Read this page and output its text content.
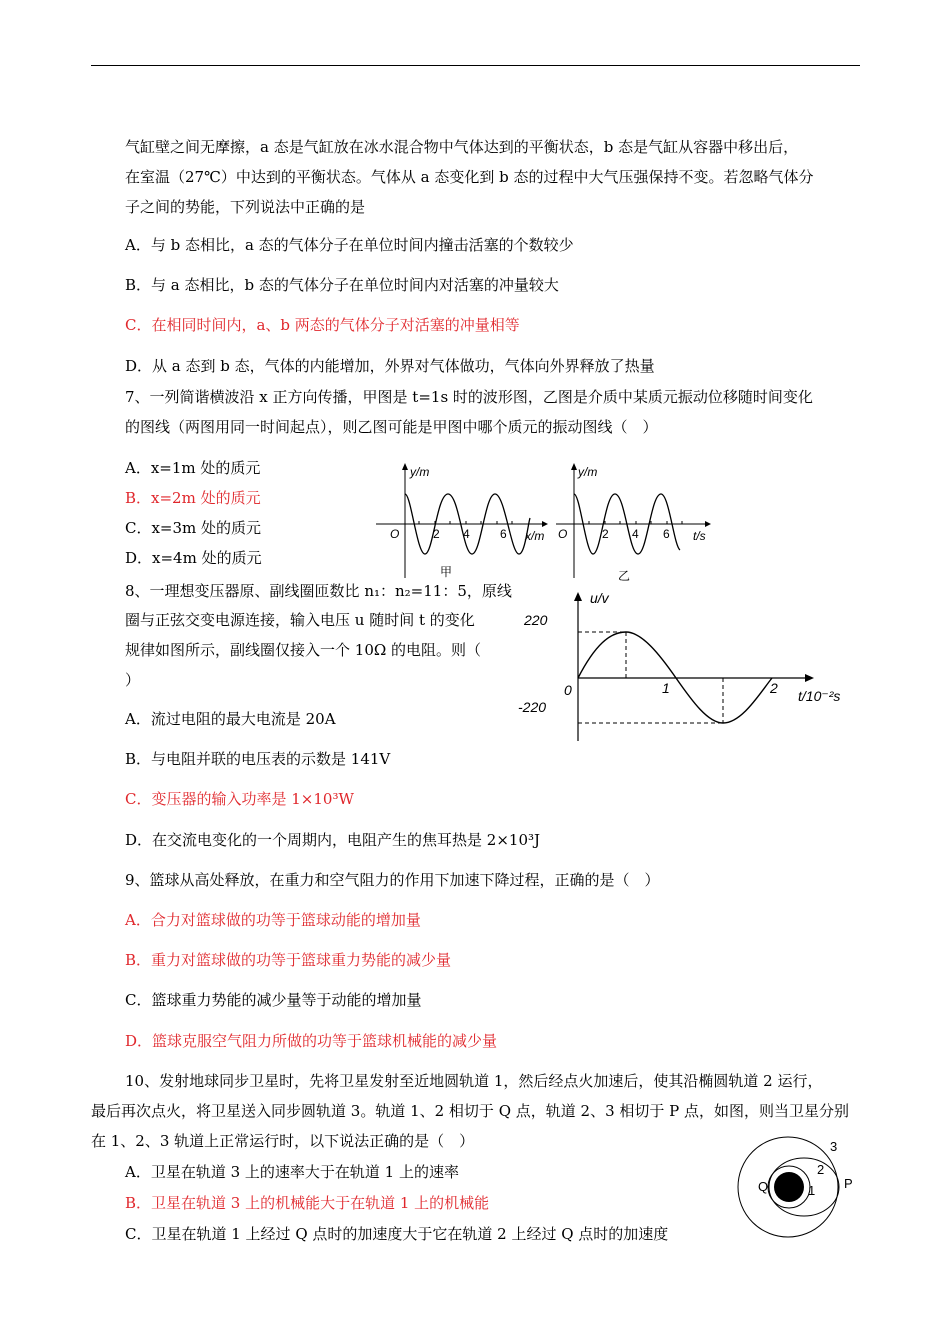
气缸壁之间无摩擦，a 态是气缸放在冰水混合物中气体达到的平衡状态，b 态是气缸从容器中移出后，
在室温（27℃）中达到的平衡状态。气体从 a 态变化到 b 态的过程中大气压强保持不变。若忽略气体分
子之间的势能，下列说法中正确的是
A．与 b 态相比，a 态的气体分子在单位时间内撞击活塞的个数较少
B．与 a 态相比，b 态的气体分子在单位时间内对活塞的冲量较大
C．在相同时间内，a、b 两态的气体分子对活塞的冲量相等
D．从 a 态到 b 态，气体的内能增加，外界对气体做功，气体向外界释放了热量
7、一列简谐横波沿 x 正方向传播，甲图是 t=1s 时的波形图，乙图是介质中某质元振动位移随时间变化
的图线（两图用同一时间起点），则乙图可能是甲图中哪个质元的振动图线（　）
A．x=1m 处的质元
B．x=2m 处的质元
C．x=3m 处的质元
D．x=4m 处的质元
y/m
O	2 4	6 x/m
甲
y/m
O	2 4 6 t/s
乙
8、一理想变压器原、副线圈匝数比 n₁：n₂=11：5，原线
圈与正弦交变电源连接，输入电压 u 随时间 t 的变化
规律如图所示，副线圈仅接入一个 10Ω 的电阻。则（
）
A．流过电阻的最大电流是 20A
B．与电阻并联的电压表的示数是 141V
C．变压器的输入功率是 1×10³W
D．在交流电变化的一个周期内，电阻产生的焦耳热是 2×10³J
u/v
220
-220
0	1	2 t/10⁻²s
9、篮球从高处释放，在重力和空气阻力的作用下加速下降过程，正确的是（　）
A．合力对篮球做的功等于篮球动能的增加量
B．重力对篮球做的功等于篮球重力势能的减少量
C．篮球重力势能的减少量等于动能的增加量
D．篮球克服空气阻力所做的功等于篮球机械能的减少量
10、发射地球同步卫星时，先将卫星发射至近地圆轨道 1，然后经点火加速后，使其沿椭圆轨道 2 运行，
最后再次点火，将卫星送入同步圆轨道 3。轨道 1、2 相切于 Q 点，轨道 2、3 相切于 P 点，如图，则当卫星分别
在 1、2、3 轨道上正常运行时，以下说法正确的是（　）
A．卫星在轨道 3 上的速率大于在轨道 1 上的速率
B．卫星在轨道 3 上的机械能大于在轨道 1 上的机械能
C．卫星在轨道 1 上经过 Q 点时的加速度大于它在轨道 2 上经过 Q 点时的加速度
3
2
1
Q	P
